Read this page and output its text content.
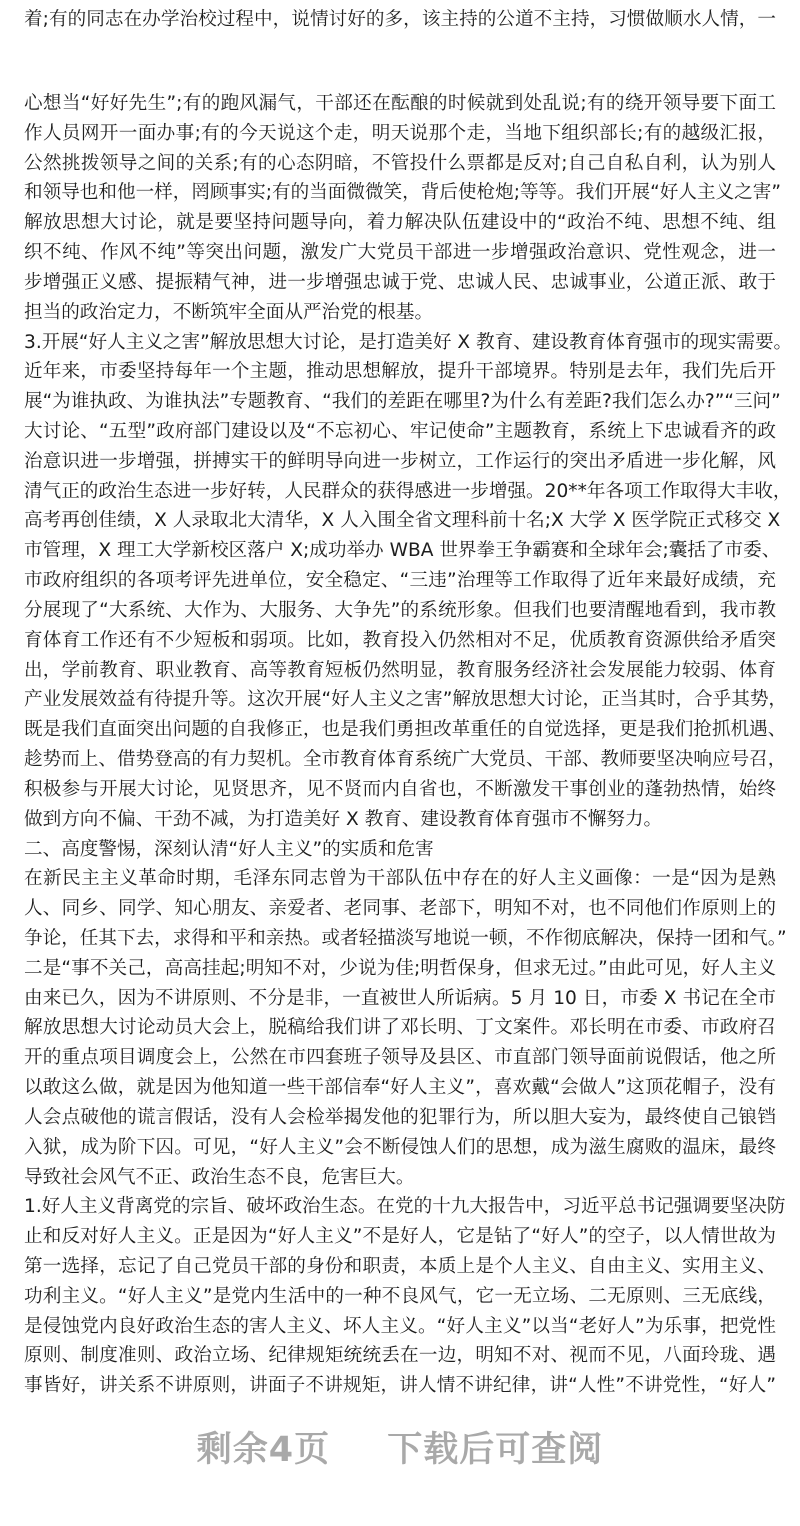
着;有的同志在办学治校过程中，说情讨好的多，该主持的公道不主持，习惯做顺水人情，一
心想当“好好先生”;有的跑风漏气，干部还在酝酿的时候就到处乱说;有的绕开领导要下面工
作人员网开一面办事;有的今天说这个走，明天说那个走，当地下组织部长;有的越级汇报，
公然挑拨领导之间的关系;有的心态阴暗，不管投什么票都是反对;自己自私自利，认为别人
和领导也和他一样，罔顾事实;有的当面微微笑，背后使枪炮;等等。我们开展“好人主义之害”
解放思想大讨论，就是要坚持问题导向，着力解决队伍建设中的“政治不纯、思想不纯、组
织不纯、作风不纯”等突出问题，激发广大党员干部进一步增强政治意识、党性观念，进一
步增强正义感、提振精气神，进一步增强忠诚于党、忠诚人民、忠诚事业，公道正派、敢于
担当的政治定力，不断筑牢全面从严治党的根基。
3.开展“好人主义之害”解放思想大讨论，是打造美好 X 教育、建设教育体育强市的现实需要。
近年来，市委坚持每年一个主题，推动思想解放，提升干部境界。特别是去年，我们先后开
展“为谁执政、为谁执法”专题教育、“我们的差距在哪里?为什么有差距?我们怎么办?”“三问”
大讨论、“五型”政府部门建设以及“不忘初心、牢记使命”主题教育，系统上下忠诚看齐的政
治意识进一步增强，拼搏实干的鲜明导向进一步树立，工作运行的突出矛盾进一步化解，风
清气正的政治生态进一步好转，人民群众的获得感进一步增强。20**年各项工作取得大丰收，
高考再创佳绩，X 人录取北大清华，X 人入围全省文理科前十名;X 大学 X 医学院正式移交 X
市管理，X 理工大学新校区落户 X;成功举办 WBA 世界拳王争霸赛和全球年会;囊括了市委、
市政府组织的各项考评先进单位，安全稳定、“三违”治理等工作取得了近年来最好成绩，充
分展现了“大系统、大作为、大服务、大争先”的系统形象。但我们也要清醒地看到，我市教
育体育工作还有不少短板和弱项。比如，教育投入仍然相对不足，优质教育资源供给矛盾突
出，学前教育、职业教育、高等教育短板仍然明显，教育服务经济社会发展能力较弱、体育
产业发展效益有待提升等。这次开展“好人主义之害”解放思想大讨论，正当其时，合乎其势，
既是我们直面突出问题的自我修正，也是我们勇担改革重任的自觉选择，更是我们抢抓机遇、
趁势而上、借势登高的有力契机。全市教育体育系统广大党员、干部、教师要坚决响应号召，
积极参与开展大讨论，见贤思齐，见不贤而内自省也，不断激发干事创业的蓬勃热情，始终
做到方向不偏、干劲不减，为打造美好 X 教育、建设教育体育强市不懈努力。
二、高度警惕，深刻认清“好人主义”的实质和危害
在新民主主义革命时期，毛泽东同志曾为干部队伍中存在的好人主义画像：一是“因为是熟
人、同乡、同学、知心朋友、亲爱者、老同事、老部下，明知不对，也不同他们作原则上的
争论，任其下去，求得和平和亲热。或者轻描淡写地说一顿，不作彻底解决，保持一团和气。”
二是“事不关己，高高挂起;明知不对，少说为佳;明哲保身，但求无过。”由此可见，好人主义
由来已久，因为不讲原则、不分是非，一直被世人所诟病。5 月 10 日，市委 X 书记在全市
解放思想大讨论动员大会上，脱稿给我们讲了邓长明、丁文案件。邓长明在市委、市政府召
开的重点项目调度会上，公然在市四套班子领导及县区、市直部门领导面前说假话，他之所
以敢这么做，就是因为他知道一些干部信奉“好人主义”，喜欢戴“会做人”这顶花帽子，没有
人会点破他的谎言假话，没有人会检举揭发他的犯罪行为，所以胆大妄为，最终使自己锒铛
入狱，成为阶下囚。可见，“好人主义”会不断侵蚀人们的思想，成为滋生腐败的温床，最终
导致社会风气不正、政治生态不良，危害巨大。
1.好人主义背离党的宗旨、破坏政治生态。在党的十九大报告中，习近平总书记强调要坚决防
止和反对好人主义。正是因为“好人主义”不是好人，它是钻了“好人”的空子，以人情世故为
第一选择，忘记了自己党员干部的身份和职责，本质上是个人主义、自由主义、实用主义、
功利主义。“好人主义”是党内生活中的一种不良风气，它一无立场、二无原则、三无底线，
是侵蚀党内良好政治生态的害人主义、坏人主义。“好人主义”以当“老好人”为乐事，把党性
原则、制度准则、政治立场、纪律规矩统统丢在一边，明知不对、视而不见，八面玲珑、遇
事皆好，讲关系不讲原则，讲面子不讲规矩，讲人情不讲纪律，讲“人性”不讲党性，“好人”
剩余4页 下载后可查阅
